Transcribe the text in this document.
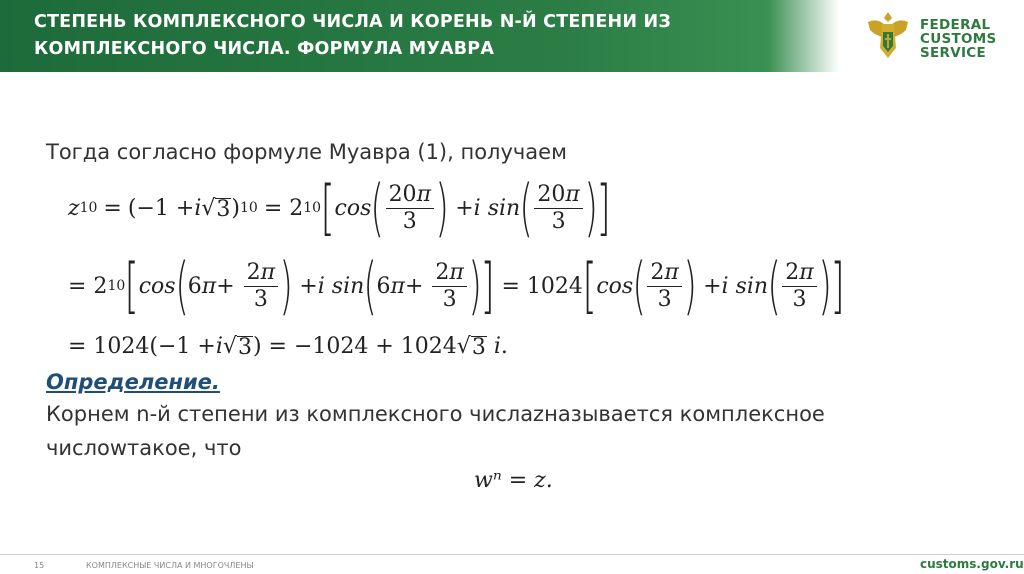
СТЕПЕНЬ КОМПЛЕКСНОГО ЧИСЛА И КОРЕНЬ N-Й СТЕПЕНИ ИЗ
КОМПЛЕКСНОГО ЧИСЛА. ФОРМУЛА МУАВРА
FEDERAL
CUSTOMS
SERVICE
Тогда согласно формуле Муавра (1), получаем
z 10 = (−1 + i √ 3 ) 10 = 2 10 [ cos ( $\frac{20\pi}{3}$ ) + i sin ( $\frac{20\pi}{3}$ ) ]
= 2 10 [ cos ( 6 $\pi + \frac{2\pi}{3}$ ) + i sin ( 6 $\pi + \frac{2\pi}{3}$ ) ] = 1024 [ cos ( $\frac{2\pi}{3}$ ) + i sin ( $\frac{2\pi}{3}$ ) ]
= 1024(−1 + i √ 3 ) = −1024 + 1024 √ 3
i .
Определение.
Корнем n-й степени из комплексного числаzназывается комплексное
числоwтакое, что
wⁿ = z.
15	КОМПЛЕКСНЫЕ ЧИСЛА И МНОГОЧЛЕНЫ	customs.gov.ru
